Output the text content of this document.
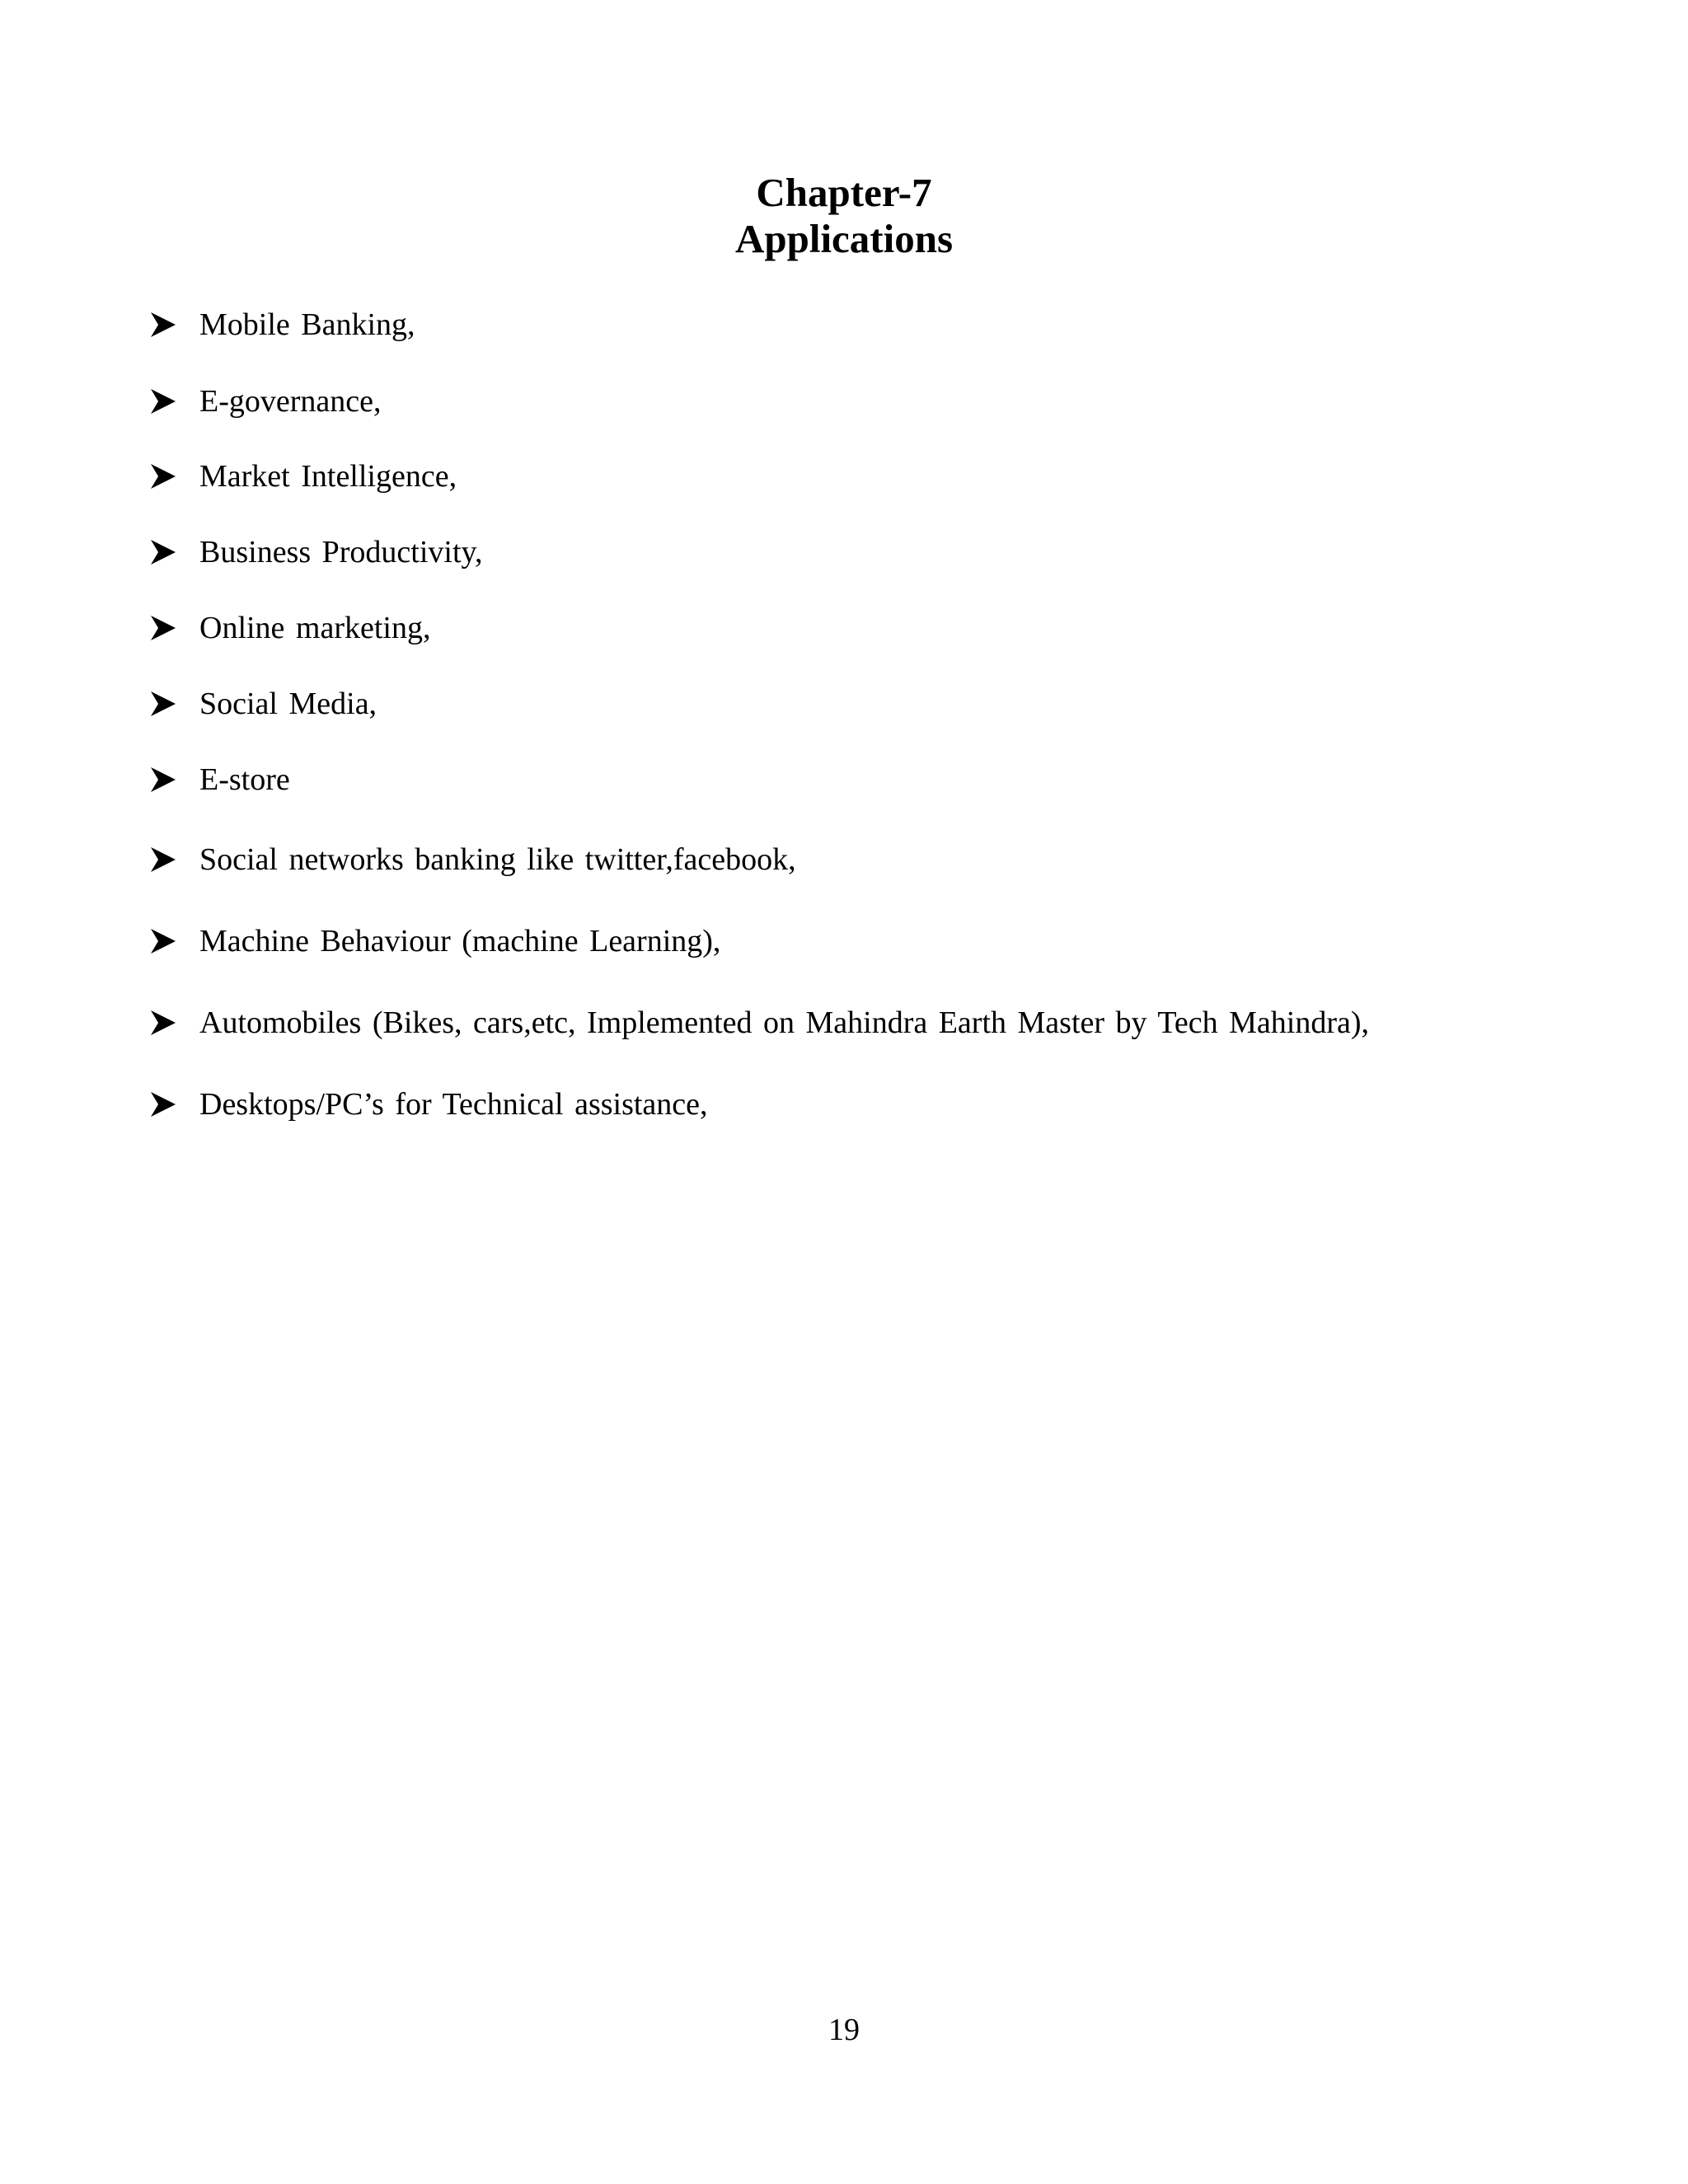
Chapter-7
Applications
Mobile Banking,
E-governance,
Market Intelligence,
Business Productivity,
Online marketing,
Social Media,
E-store
Social networks banking like twitter,facebook,
Machine Behaviour (machine Learning),
Automobiles (Bikes, cars,etc, Implemented on Mahindra Earth Master by Tech Mahindra),
Desktops/PC’s for Technical assistance,
19
